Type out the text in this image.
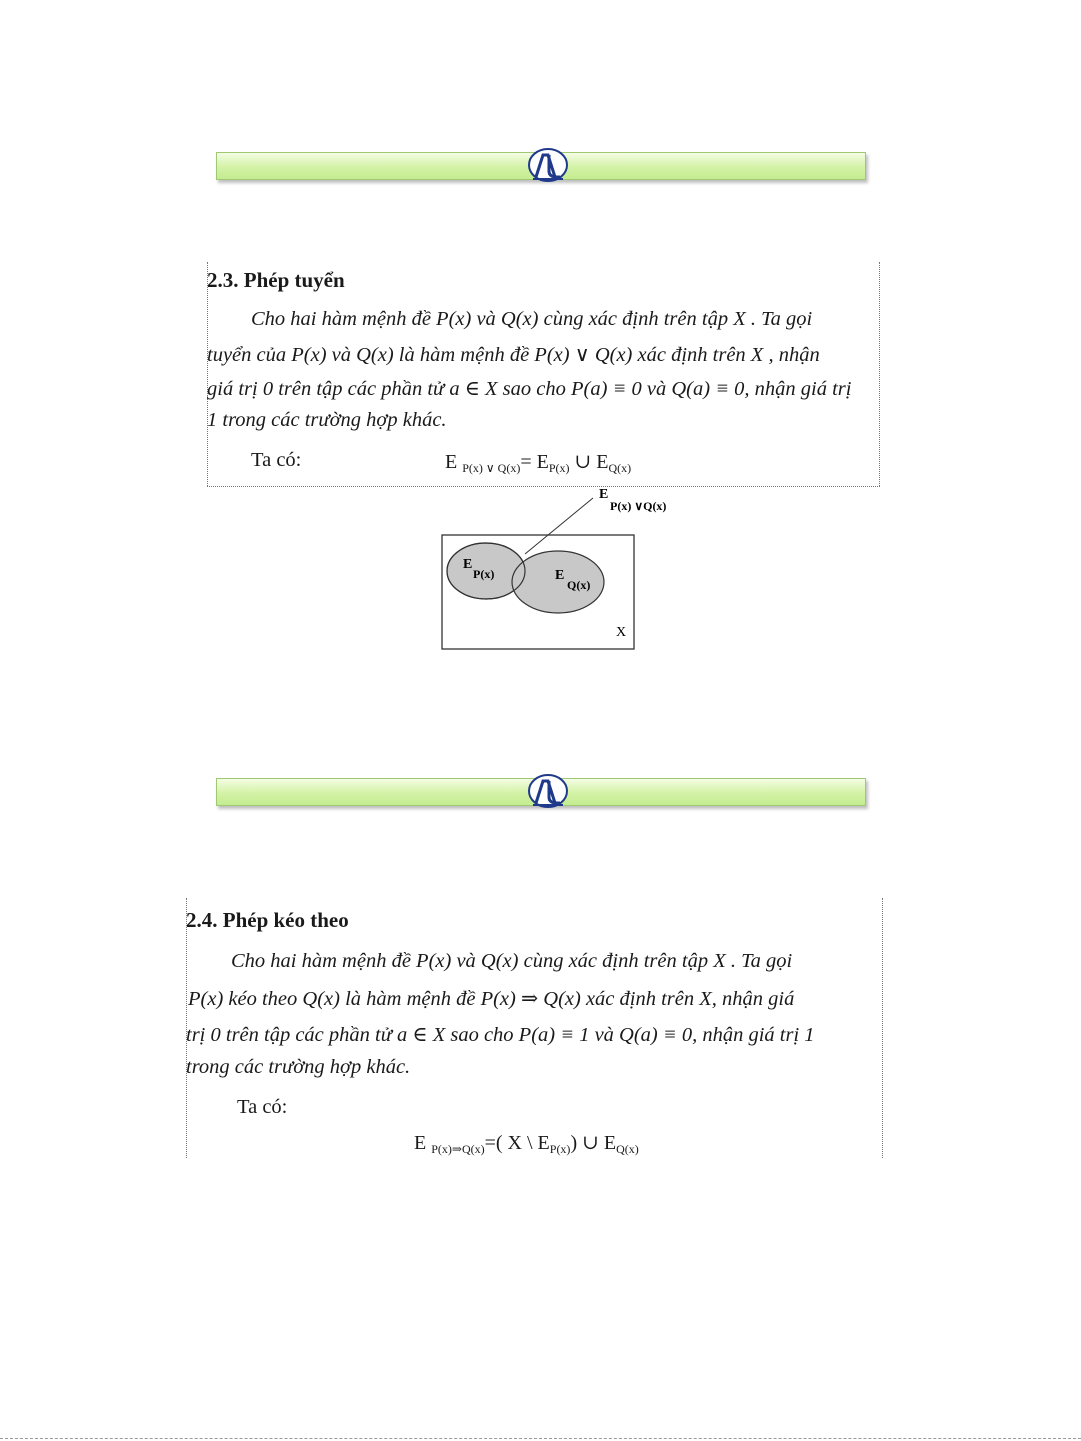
2.3. Phép tuyển
Cho hai hàm mệnh đề P(x) và Q(x) cùng xác định trên tập X . Ta gọi
tuyển của P(x) và Q(x) là hàm mệnh đề P(x) ∨ Q(x) xác định trên X , nhận
giá trị 0 trên tập các phần tử a ∈ X sao cho P(a) ≡ 0 và Q(a) ≡ 0, nhận giá trị
1 trong các trường hợp khác.
Ta có:	E $_{P(x) \vee Q(x)}= E_{P(x)}$ ∪ $E_{Q(x)}$
E
P(x) ∨Q(x)
E
P(x)	E
Q(x)
X
2.4. Phép kéo theo
Cho hai hàm mệnh đề P(x) và Q(x) cùng xác định trên tập X . Ta gọi
P(x) kéo theo Q(x) là hàm mệnh đề P(x) ⇒ Q(x) xác định trên X, nhận giá
trị 0 trên tập các phần tử a ∈ X sao cho P(a) ≡ 1 và Q(a) ≡ 0, nhận giá trị 1
trong các trường hợp khác.
Ta có:
E $_{P(x)\Rightarrow Q(x)}$=( X \ $E_{P(x)}$) ∪ $E_{Q(x)}$
